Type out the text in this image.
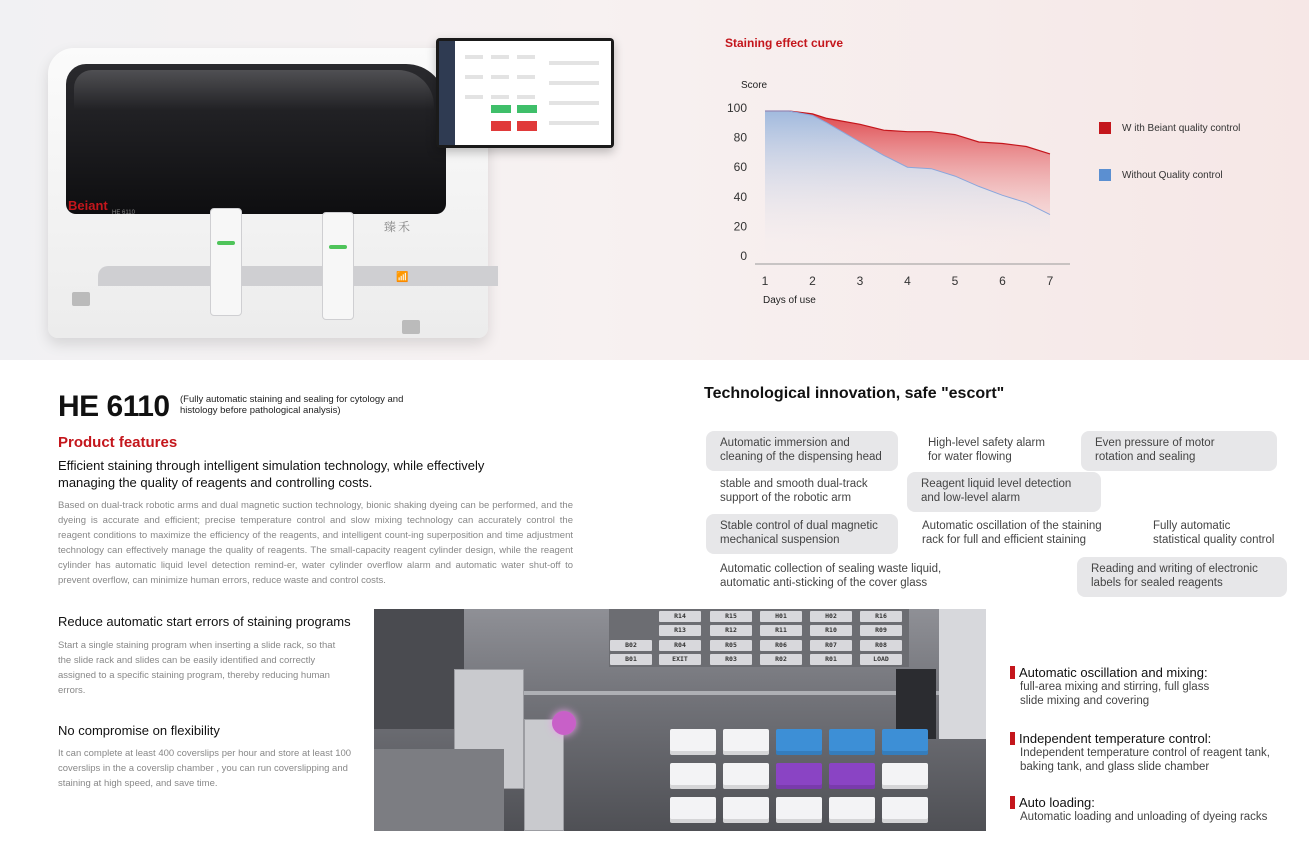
Beiant HE 6110
臻禾
📶
Staining effect curve
0
20
40
60
80
100
1	2	3	4	5	6	7
Score
Days of use
W ith Beiant quality control
Without Quality control
HE 6110 (Fully automatic staining and sealing for cytology and histology before pathological analysis)
Product features
Efficient staining through intelligent simulation technology, while effectively managing the quality of reagents and controlling costs.
Based on dual-track robotic arms and dual magnetic suction technology, bionic shaking dyeing can be performed, and the dyeing is accurate and efficient; precise temperature control and slow mixing technology can accurately control the reagent conditions to maximize the efficiency of the reagents, and intelligent count-ing superposition and time adjustment technology can effectively manage the quality of reagents. The small-capacity reagent cylinder design, while the reagent cylinder has automatic liquid level detection remind-er, water cylinder overflow alarm and automatic water shut-off to prevent overflow, can minimize human errors, reduce waste and control costs.
Reduce automatic start errors of staining programs
Start a single staining program when inserting a slide rack, so that the slide rack and slides can be easily identified and correctly assigned to a specific staining program, thereby reducing human errors.
No compromise on flexibility
It can complete at least 400 coverslips per hour and store at least 100 coverslips in the a coverslip chamber , you can run coverslipping and staining at high speed, and save time.
Technological innovation, safe "escort"
Automatic immersion and
cleaning of the dispensing head
High-level safety alarm
for water flowing
Even pressure of motor
rotation and sealing
stable and smooth dual-track
support of the robotic arm
Reagent liquid level detection
and low-level alarm
Stable control of dual magnetic
mechanical suspension
Automatic oscillation of the staining
rack for full and efficient staining
Fully automatic
statistical quality control
Automatic collection of sealing waste liquid,
automatic anti-sticking of the cover glass
Reading and writing of electronic
labels for sealed reagents
R14	R15	H01	H02	R16
R13	R12	R11	R10	R09
B02	R04	R05	R06	R07	R08
B01	EXIT	R03	R02	R01	LOAD
Automatic oscillation and mixing:
full-area mixing and stirring, full glass
slide mixing and covering
Independent temperature control:
Independent temperature control of reagent tank,
baking tank, and glass slide chamber
Auto loading:
Automatic loading and unloading of dyeing racks
